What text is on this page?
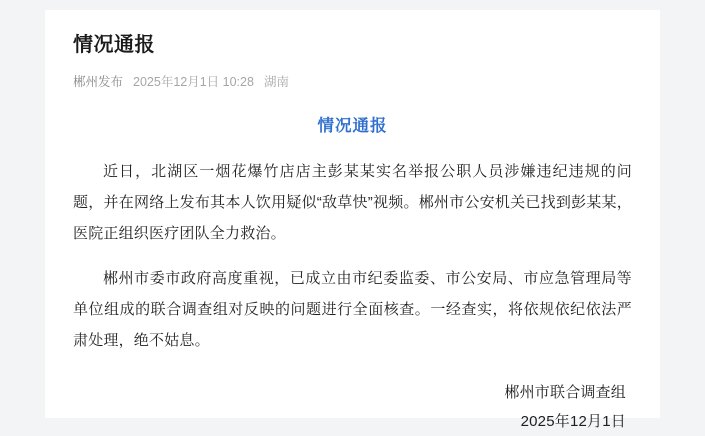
情况通报
郴州发布 2025年12月1日 10:28 湖南
情况通报

近日，北湖区一烟花爆竹店店主彭某某实名举报公职人员涉嫌违纪违规的问题，并在网络上发布其本人饮用疑似“敌草快”视频。郴州市公安机关已找到彭某某，医院正组织医疗团队全力救治。

郴州市委市政府高度重视，已成立由市纪委监委、市公安局、市应急管理局等单位组成的联合调查组对反映的问题进行全面核查。一经查实，将依规依纪依法严肃处理，绝不姑息。

郴州市联合调查组
2025年12月1日
